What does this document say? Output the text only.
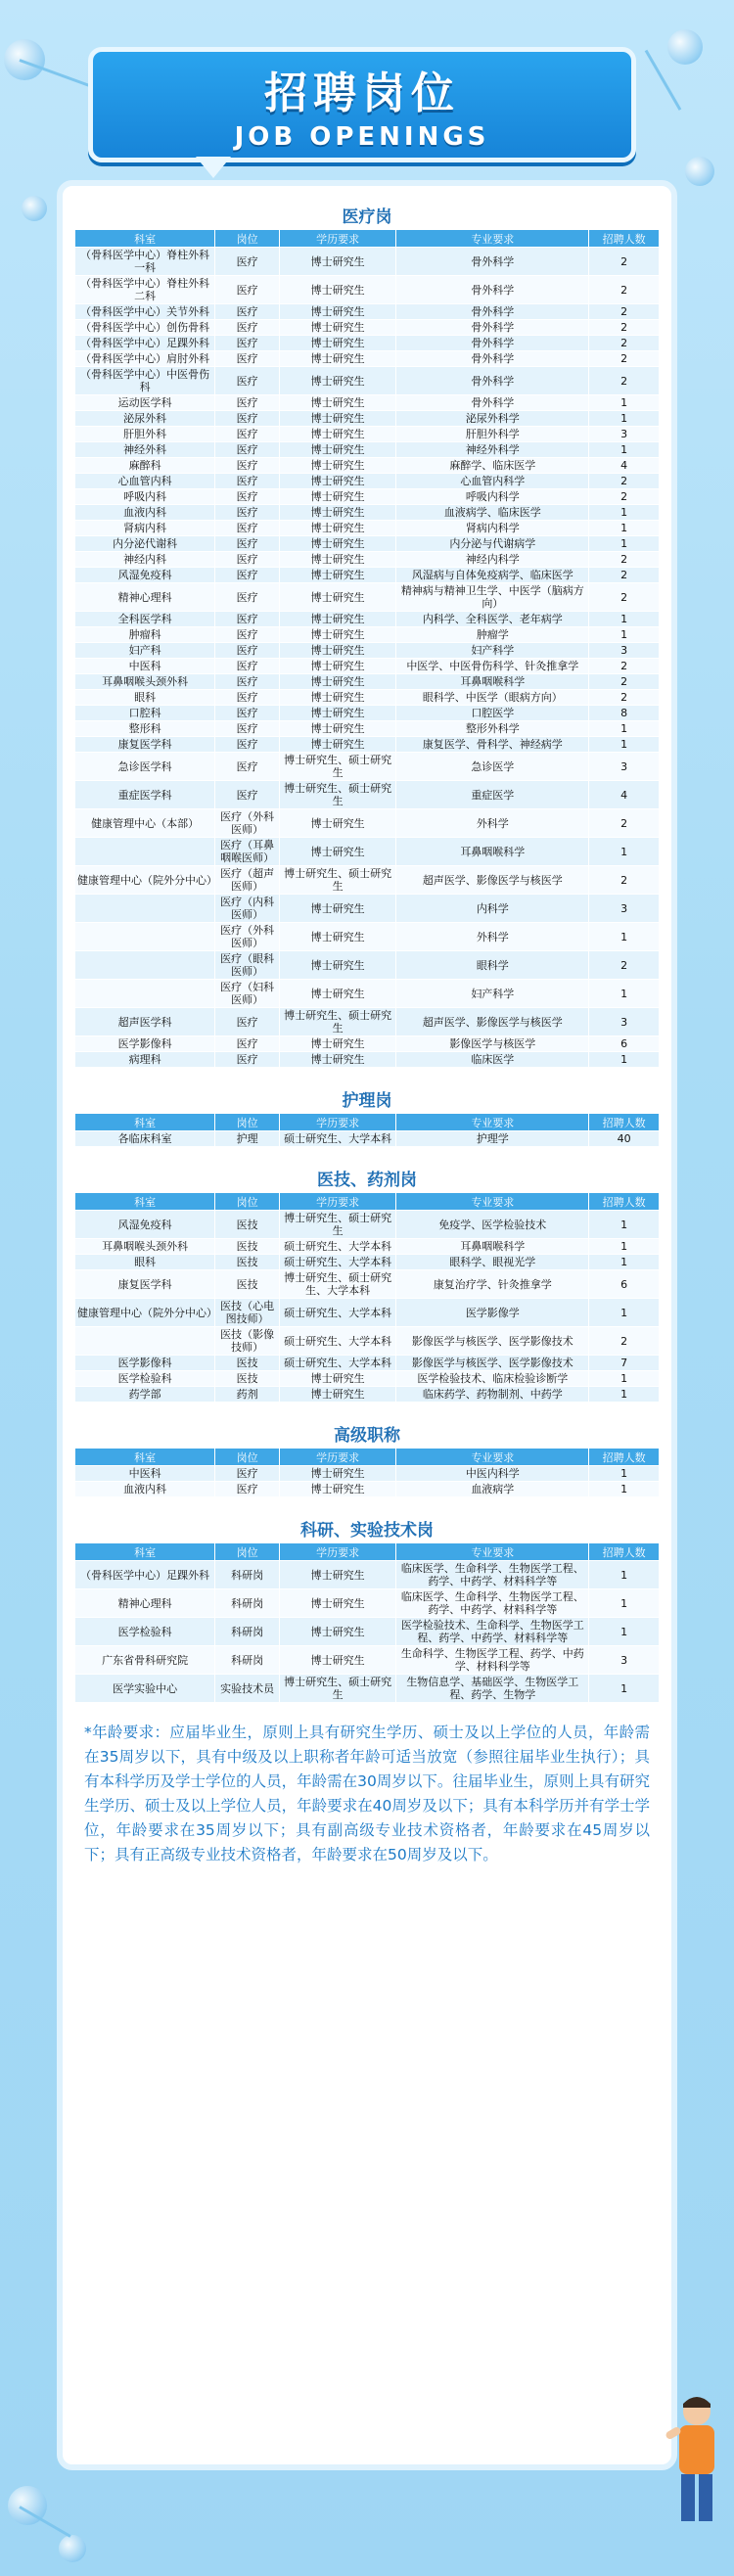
招聘岗位
JOB OPENINGS
医疗岗
科室	岗位	学历要求	专业要求	招聘人数
（骨科医学中心）脊柱外科一科	医疗	博士研究生	骨外科学	2
（骨科医学中心）脊柱外科二科	医疗	博士研究生	骨外科学	2
（骨科医学中心）关节外科	医疗	博士研究生	骨外科学	2
（骨科医学中心）创伤骨科	医疗	博士研究生	骨外科学	2
（骨科医学中心）足踝外科	医疗	博士研究生	骨外科学	2
（骨科医学中心）肩肘外科	医疗	博士研究生	骨外科学	2
（骨科医学中心）中医骨伤科	医疗	博士研究生	骨外科学	2
运动医学科	医疗	博士研究生	骨外科学	1
泌尿外科	医疗	博士研究生	泌尿外科学	1
肝胆外科	医疗	博士研究生	肝胆外科学	3
神经外科	医疗	博士研究生	神经外科学	1
麻醉科	医疗	博士研究生	麻醉学、临床医学	4
心血管内科	医疗	博士研究生	心血管内科学	2
呼吸内科	医疗	博士研究生	呼吸内科学	2
血液内科	医疗	博士研究生	血液病学、临床医学	1
肾病内科	医疗	博士研究生	肾病内科学	1
内分泌代谢科	医疗	博士研究生	内分泌与代谢病学	1
神经内科	医疗	博士研究生	神经内科学	2
风湿免疫科	医疗	博士研究生	风湿病与自体免疫病学、临床医学	2
精神心理科	医疗	博士研究生	精神病与精神卫生学、中医学（脑病方向）	2
全科医学科	医疗	博士研究生	内科学、全科医学、老年病学	1
肿瘤科	医疗	博士研究生	肿瘤学	1
妇产科	医疗	博士研究生	妇产科学	3
中医科	医疗	博士研究生	中医学、中医骨伤科学、针灸推拿学	2
耳鼻咽喉头颈外科	医疗	博士研究生	耳鼻咽喉科学	2
眼科	医疗	博士研究生	眼科学、中医学（眼病方向）	2
口腔科	医疗	博士研究生	口腔医学	8
整形科	医疗	博士研究生	整形外科学	1
康复医学科	医疗	博士研究生	康复医学、骨科学、神经病学	1
急诊医学科	医疗	博士研究生、硕士研究生	急诊医学	3
重症医学科	医疗	博士研究生、硕士研究生	重症医学	4
健康管理中心（本部）	医疗（外科医师）	博士研究生	外科学	2
	医疗（耳鼻咽喉医师）	博士研究生	耳鼻咽喉科学	1
健康管理中心（院外分中心）	医疗（超声医师）	博士研究生、硕士研究生	超声医学、影像医学与核医学	2
	医疗（内科医师）	博士研究生	内科学	3
	医疗（外科医师）	博士研究生	外科学	1
	医疗（眼科医师）	博士研究生	眼科学	2
	医疗（妇科医师）	博士研究生	妇产科学	1
超声医学科	医疗	博士研究生、硕士研究生	超声医学、影像医学与核医学	3
医学影像科	医疗	博士研究生	影像医学与核医学	6
病理科	医疗	博士研究生	临床医学	1
护理岗
科室	岗位	学历要求	专业要求	招聘人数
各临床科室	护理	硕士研究生、大学本科	护理学	40
医技、药剂岗
科室	岗位	学历要求	专业要求	招聘人数
风湿免疫科	医技	博士研究生、硕士研究生	免疫学、医学检验技术	1
耳鼻咽喉头颈外科	医技	硕士研究生、大学本科	耳鼻咽喉科学	1
眼科	医技	硕士研究生、大学本科	眼科学、眼视光学	1
康复医学科	医技	博士研究生、硕士研究生、大学本科	康复治疗学、针灸推拿学	6
健康管理中心（院外分中心）	医技（心电图技师）	硕士研究生、大学本科	医学影像学	1
	医技（影像技师）	硕士研究生、大学本科	影像医学与核医学、医学影像技术	2
医学影像科	医技	硕士研究生、大学本科	影像医学与核医学、医学影像技术	7
医学检验科	医技	博士研究生	医学检验技术、临床检验诊断学	1
药学部	药剂	博士研究生	临床药学、药物制剂、中药学	1
高级职称
科室	岗位	学历要求	专业要求	招聘人数
中医科	医疗	博士研究生	中医内科学	1
血液内科	医疗	博士研究生	血液病学	1
科研、实验技术岗
科室	岗位	学历要求	专业要求	招聘人数
（骨科医学中心）足踝外科	科研岗	博士研究生	临床医学、生命科学、生物医学工程、药学、中药学、材料科学等	1
精神心理科	科研岗	博士研究生	临床医学、生命科学、生物医学工程、药学、中药学、材料科学等	1
医学检验科	科研岗	博士研究生	医学检验技术、生命科学、生物医学工程、药学、中药学、材料科学等	1
广东省骨科研究院	科研岗	博士研究生	生命科学、生物医学工程、药学、中药学、材料科学等	3
医学实验中心	实验技术员	博士研究生、硕士研究生	生物信息学、基础医学、生物医学工程、药学、生物学	1
*年龄要求：应届毕业生，原则上具有研究生学历、硕士及以上学位的人员，年龄需在35周岁以下，具有中级及以上职称者年龄可适当放宽（参照往届毕业生执行）；具有本科学历及学士学位的人员，年龄需在30周岁以下。往届毕业生，原则上具有研究生学历、硕士及以上学位人员，年龄要求在40周岁及以下；具有本科学历并有学士学位，年龄要求在35周岁以下；具有副高级专业技术资格者，年龄要求在45周岁以下；具有正高级专业技术资格者，年龄要求在50周岁及以下。
